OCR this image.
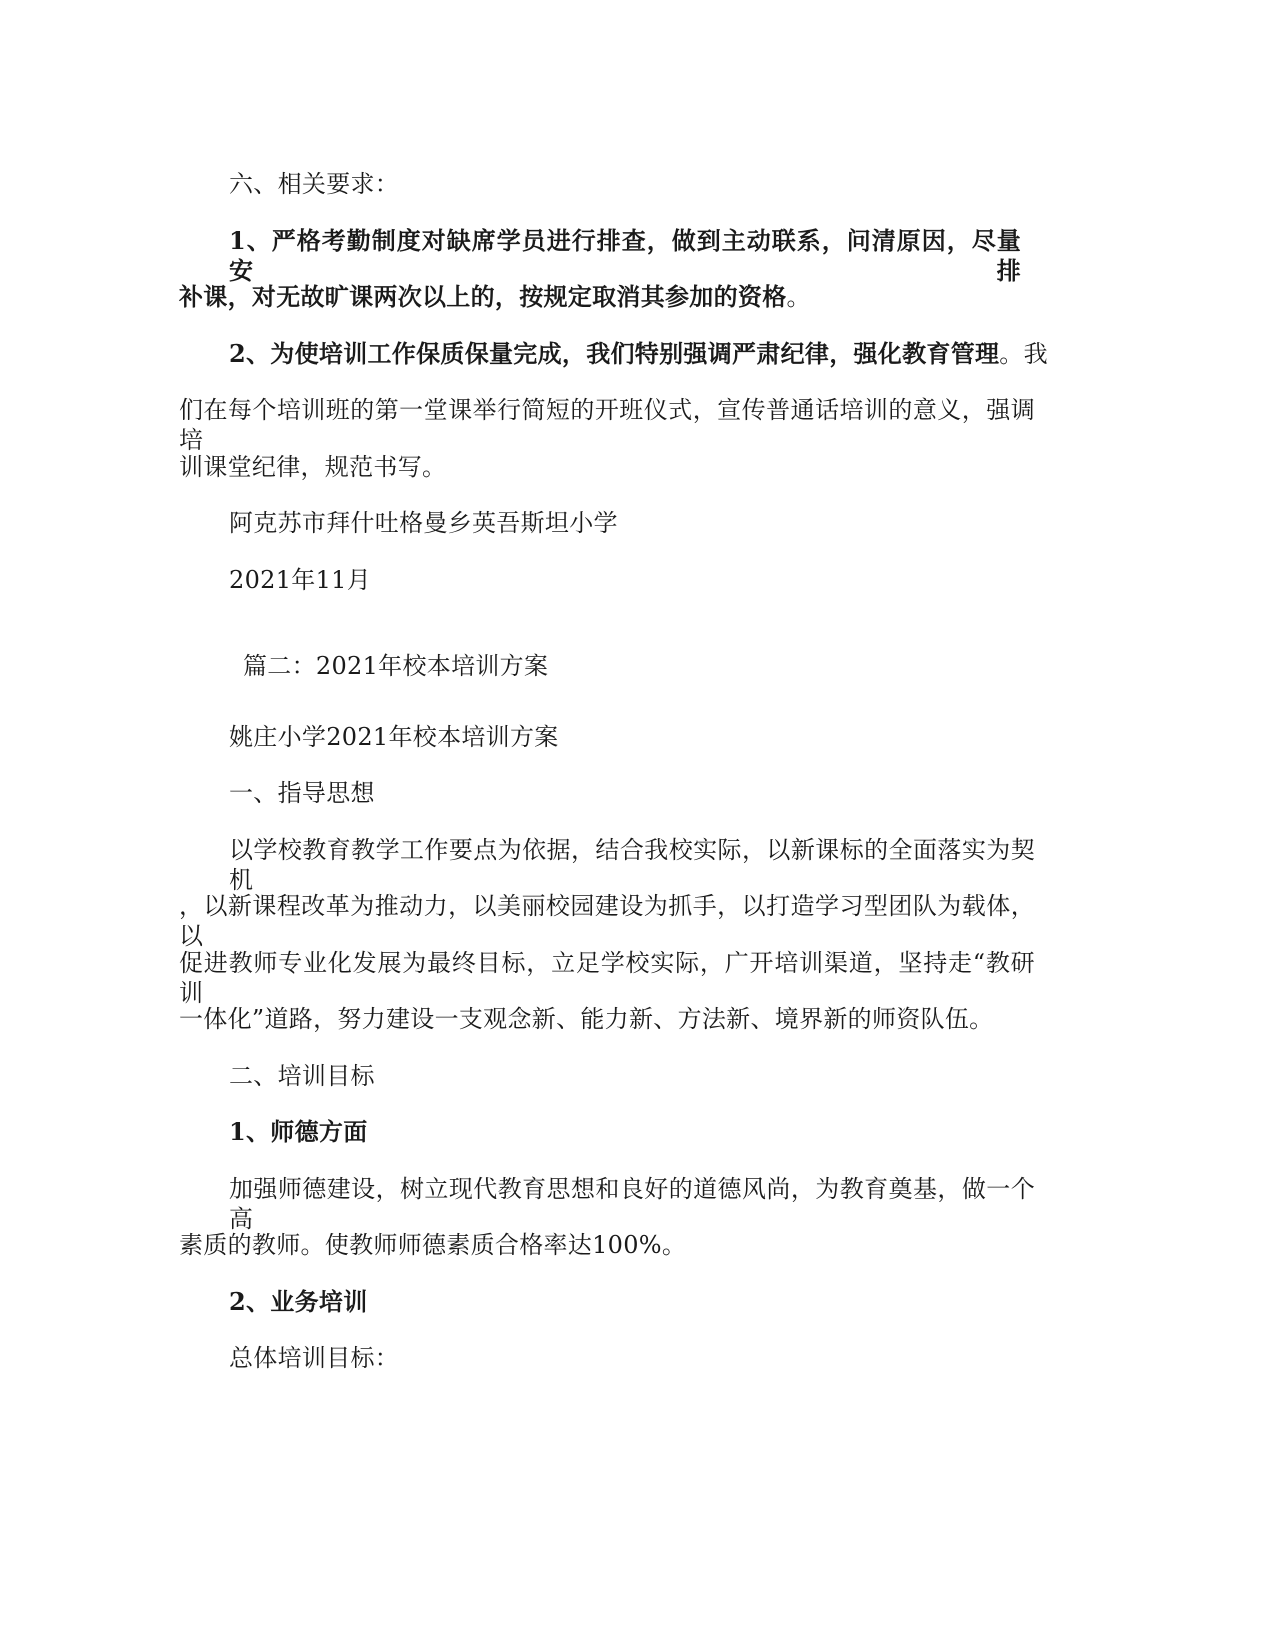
六、相关要求：
1、严格考勤制度对缺席学员进行排查，做到主动联系，问清原因，尽量安排
补课，对无故旷课两次以上的，按规定取消其参加的资格。
2、为使培训工作保质保量完成，我们特别强调严肃纪律，强化教育管理。我
们在每个培训班的第一堂课举行简短的开班仪式，宣传普通话培训的意义，强调培
训课堂纪律，规范书写。
阿克苏市拜什吐格曼乡英吾斯坦小学
2021年11月
篇二：2021年校本培训方案
姚庄小学2021年校本培训方案
一、指导思想
以学校教育教学工作要点为依据，结合我校实际，以新课标的全面落实为契机
，以新课程改革为推动力，以美丽校园建设为抓手，以打造学习型团队为载体，以
促进教师专业化发展为最终目标，立足学校实际，广开培训渠道，坚持走“教研训
一体化”道路，努力建设一支观念新、能力新、方法新、境界新的师资队伍。
二、培训目标
1、师德方面
加强师德建设，树立现代教育思想和良好的道德风尚，为教育奠基，做一个高
素质的教师。使教师师德素质合格率达100%。
2、业务培训
总体培训目标：
